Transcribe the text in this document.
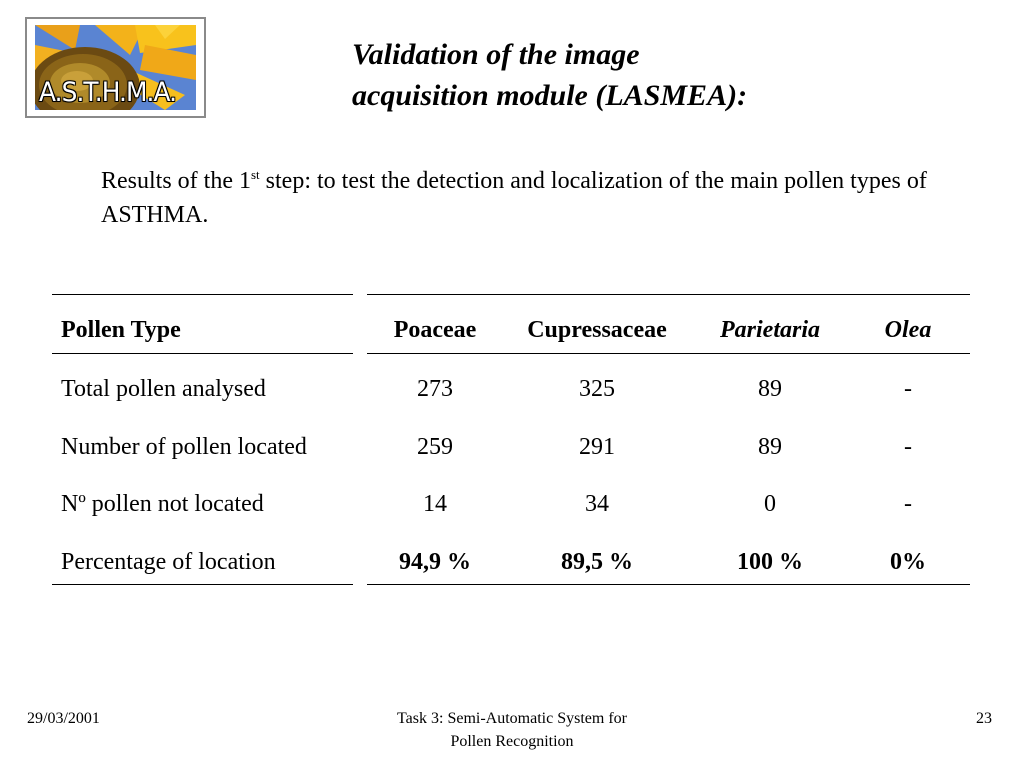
A.S.T.H.M.A.
Validation of the image
acquisition module (LASMEA):

Results of the 1st step: to test the detection and localization of the main pollen types of ASTHMA.

Pollen Type	Poaceae	Cupressaceae	Parietaria	Olea
Total pollen analysed	273	325	89	-
Number of pollen located	259	291	89	-
Nº pollen not located	14	34	0	-
Percentage of location	94,9 %	89,5 %	100 %	0%
29/03/2001	Task 3: Semi-Automatic System for
Pollen Recognition
23
